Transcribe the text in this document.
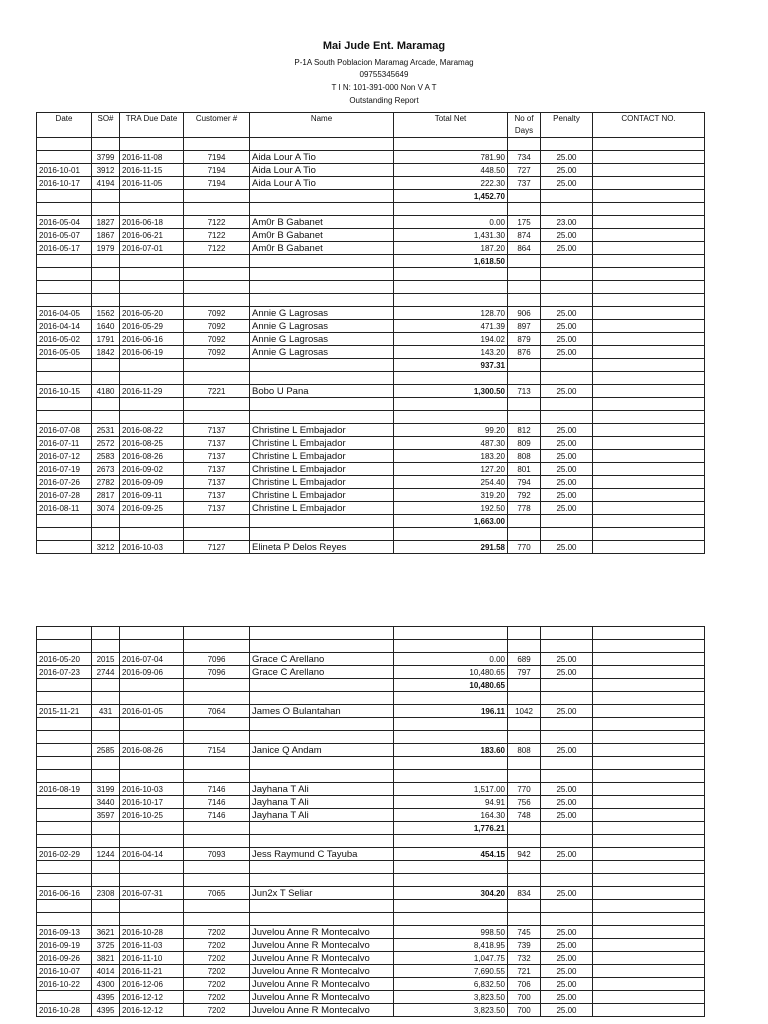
Mai Jude Ent. Maramag
P-1A South Poblacion Maramag Arcade, Maramag
09755345649
T I N: 101-391-000 Non V A T
Outstanding Report
Date	SO#	TRA Due Date	Customer #	Name	Total Net	No of Days	Penalty	CONTACT NO.

	3799	2016-11-08	7194	Aida Lour A Tio	781.90	734	25.00	
2016-10-01	3912	2016-11-15	7194	Aida Lour A Tio	448.50	727	25.00	
2016-10-17	4194	2016-11-05	7194	Aida Lour A Tio	222.30	737	25.00	
					1,452.70			

2016-05-04	1827	2016-06-18	7122	Am0r B Gabanet	0.00	175	23.00	
2016-05-07	1867	2016-06-21	7122	Am0r B Gabanet	1,431.30	874	25.00	
2016-05-17	1979	2016-07-01	7122	Am0r B Gabanet	187.20	864	25.00	
					1,618.50			

2016-04-05	1562	2016-05-20	7092	Annie G Lagrosas	128.70	906	25.00	
2016-04-14	1640	2016-05-29	7092	Annie G Lagrosas	471.39	897	25.00	
2016-05-02	1791	2016-06-16	7092	Annie G Lagrosas	194.02	879	25.00	
2016-05-05	1842	2016-06-19	7092	Annie G Lagrosas	143.20	876	25.00	
					937.31			

2016-10-15	4180	2016-11-29	7221	Bobo U Pana	1,300.50	713	25.00	

2016-07-08	2531	2016-08-22	7137	Christine L Embajador	99.20	812	25.00	
2016-07-11	2572	2016-08-25	7137	Christine L Embajador	487.30	809	25.00	
2016-07-12	2583	2016-08-26	7137	Christine L Embajador	183.20	808	25.00	
2016-07-19	2673	2016-09-02	7137	Christine L Embajador	127.20	801	25.00	
2016-07-26	2782	2016-09-09	7137	Christine L Embajador	254.40	794	25.00	
2016-07-28	2817	2016-09-11	7137	Christine L Embajador	319.20	792	25.00	
2016-08-11	3074	2016-09-25	7137	Christine L Embajador	192.50	778	25.00	
					1,663.00			

	3212	2016-10-03	7127	Elineta P Delos Reyes	291.58	770	25.00	

2016-05-20	2015	2016-07-04	7096	Grace C Arellano	0.00	689	25.00	
2016-07-23	2744	2016-09-06	7096	Grace C Arellano	10,480.65	797	25.00	
					10,480.65			

2015-11-21	431	2016-01-05	7064	James O Bulantahan	196.11	1042	25.00	

	2585	2016-08-26	7154	Janice Q Andam	183.60	808	25.00	

2016-08-19	3199	2016-10-03	7146	Jayhana T Ali	1,517.00	770	25.00	
	3440	2016-10-17	7146	Jayhana T Ali	94.91	756	25.00	
	3597	2016-10-25	7146	Jayhana T Ali	164.30	748	25.00	
					1,776.21			

2016-02-29	1244	2016-04-14	7093	Jess Raymund C Tayuba	454.15	942	25.00	

2016-06-16	2308	2016-07-31	7065	Jun2x T Seliar	304.20	834	25.00	

2016-09-13	3621	2016-10-28	7202	Juvelou Anne R Montecalvo	998.50	745	25.00	
2016-09-19	3725	2016-11-03	7202	Juvelou Anne R Montecalvo	8,418.95	739	25.00	
2016-09-26	3821	2016-11-10	7202	Juvelou Anne R Montecalvo	1,047.75	732	25.00	
2016-10-07	4014	2016-11-21	7202	Juvelou Anne R Montecalvo	7,690.55	721	25.00	
2016-10-22	4300	2016-12-06	7202	Juvelou Anne R Montecalvo	6,832.50	706	25.00	
	4395	2016-12-12	7202	Juvelou Anne R Montecalvo	3,823.50	700	25.00	
2016-10-28	4395	2016-12-12	7202	Juvelou Anne R Montecalvo	3,823.50	700	25.00	
